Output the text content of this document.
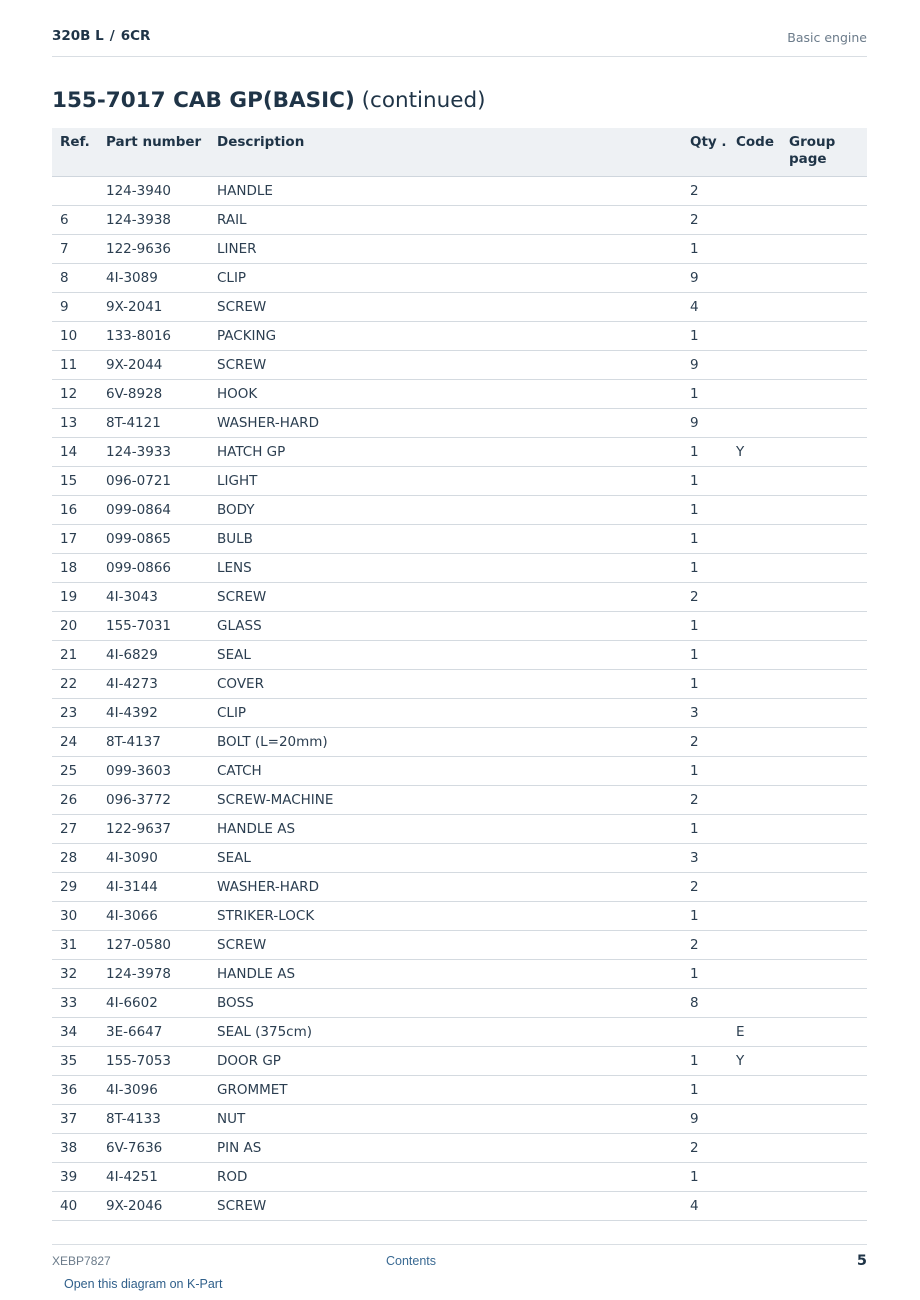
320B L / 6CR	Basic engine
155-7017 CAB GP(BASIC) (continued)
Ref.	Part number	Description	Qty .	Code	Group page
	124-3940	HANDLE	2		
6	124-3938	RAIL	2		
7	122-9636	LINER	1		
8	4I-3089	CLIP	9		
9	9X-2041	SCREW	4		
10	133-8016	PACKING	1		
11	9X-2044	SCREW	9		
12	6V-8928	HOOK	1		
13	8T-4121	WASHER-HARD	9		
14	124-3933	HATCH GP	1	Y	
15	096-0721	LIGHT	1		
16	099-0864	BODY	1		
17	099-0865	BULB	1		
18	099-0866	LENS	1		
19	4I-3043	SCREW	2		
20	155-7031	GLASS	1		
21	4I-6829	SEAL	1		
22	4I-4273	COVER	1		
23	4I-4392	CLIP	3		
24	8T-4137	BOLT (L=20mm)	2		
25	099-3603	CATCH	1		
26	096-3772	SCREW-MACHINE	2		
27	122-9637	HANDLE AS	1		
28	4I-3090	SEAL	3		
29	4I-3144	WASHER-HARD	2		
30	4I-3066	STRIKER-LOCK	1		
31	127-0580	SCREW	2		
32	124-3978	HANDLE AS	1		
33	4I-6602	BOSS	8		
34	3E-6647	SEAL (375cm)		E	
35	155-7053	DOOR GP	1	Y	
36	4I-3096	GROMMET	1		
37	8T-4133	NUT	9		
38	6V-7636	PIN AS	2		
39	4I-4251	ROD	1		
40	9X-2046	SCREW	4		
XEBP7827	Contents	5
Open this diagram on K-Part
